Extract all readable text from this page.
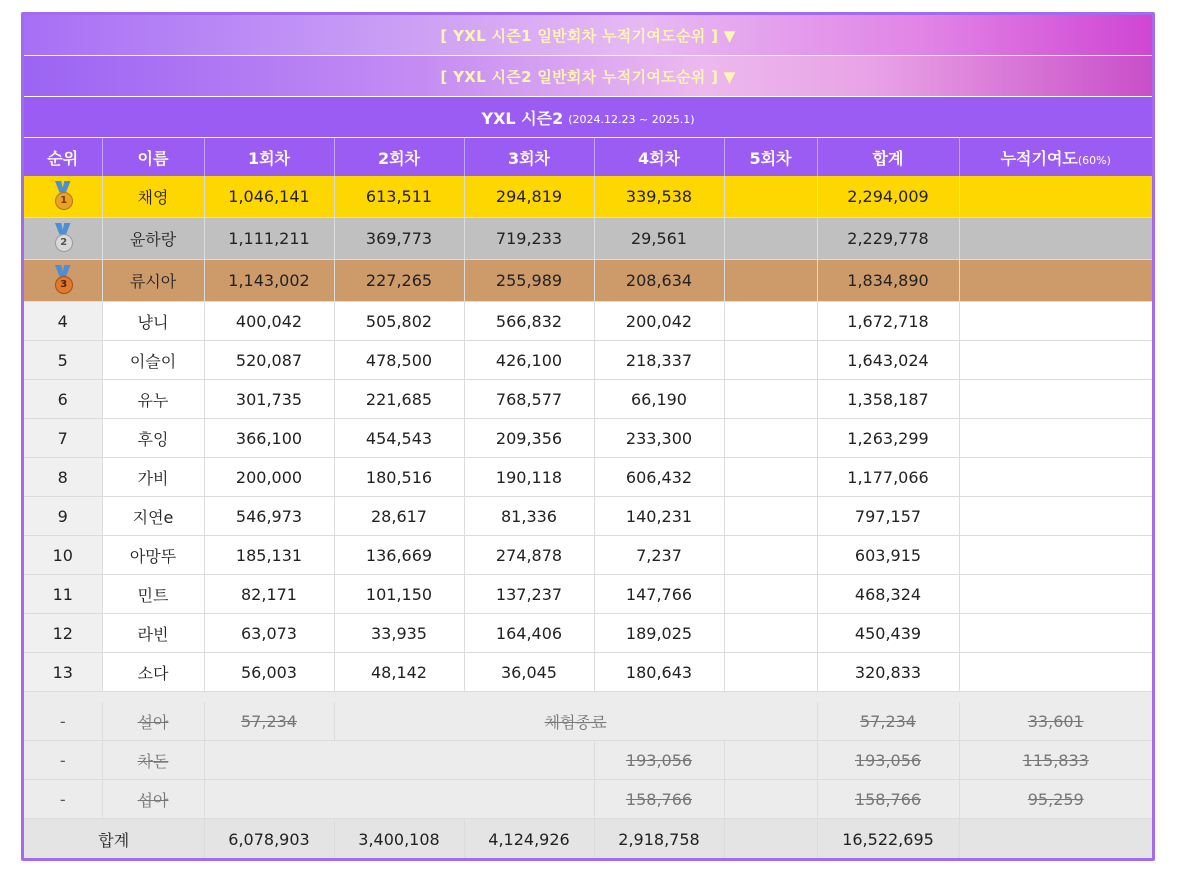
[ YXL 시즌1 일반회차 누적기여도순위 ] ▼
[ YXL 시즌2 일반회차 누적기여도순위 ] ▼
YXL 시즌2 (2024.12.23 ~ 2025.1)
순위	이름	1회차	2회차	3회차	4회차	5회차	합계	누적기여도(60%)

1	채영	1,046,141	613,511	294,819	339,538		2,294,009	

2	윤하랑	1,111,211	369,773	719,233	29,561		2,229,778	

3	류시아	1,143,002	227,265	255,989	208,634		1,834,890	
4	냥니	400,042	505,802	566,832	200,042		1,672,718	
5	이슬이	520,087	478,500	426,100	218,337		1,643,024	
6	유누	301,735	221,685	768,577	66,190		1,358,187	
7	후잉	366,100	454,543	209,356	233,300		1,263,299	
8	가비	200,000	180,516	190,118	606,432		1,177,066	
9	지연e	546,973	28,617	81,336	140,231		797,157	
10	아망뚜	185,131	136,669	274,878	7,237		603,915	
11	민트	82,171	101,150	137,237	147,766		468,324	
12	라빈	63,073	33,935	164,406	189,025		450,439	
13	소다	56,003	48,142	36,045	180,643		320,833	

-	설아	57,234	체험종료				57,234	33,601
-	차돈				193,056		193,056	115,833
-	섭아				158,766		158,766	95,259
합계		6,078,903	3,400,108	4,124,926	2,918,758		16,522,695	
